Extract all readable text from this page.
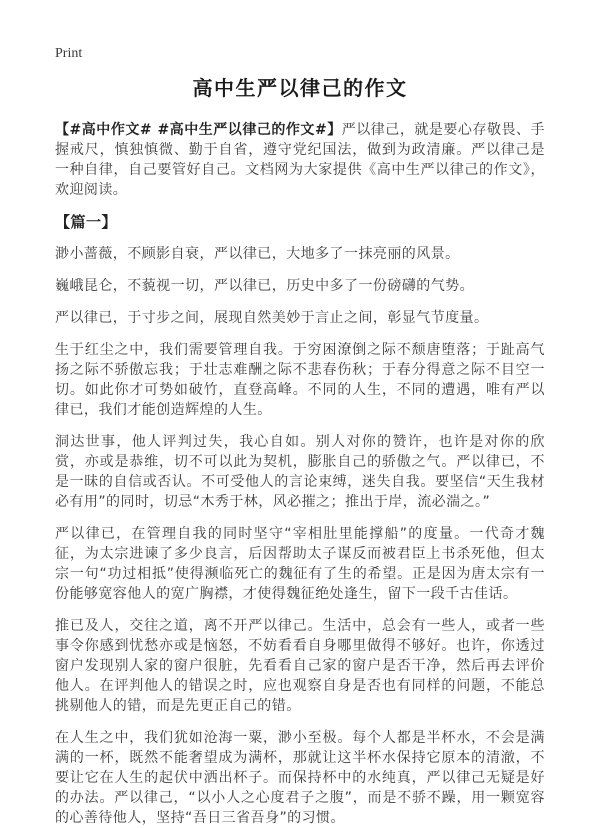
Print
高中生严以律己的作文

【#高中作文# #高中生严以律己的作文#】严以律己，就是要心存敬畏、手握戒尺，慎独慎微、勤于自省，遵守党纪国法，做到为政清廉。严以律己是一种自律，自己要管好自己。文档网为大家提供《高中生严以律己的作文》，欢迎阅读。

【篇一】

渺小蔷薇，不顾影自衰，严以律已，大地多了一抹亮丽的风景。

巍峨昆仑，不藐视一切，严以律已，历史中多了一份磅礴的气势。

严以律已，于寸步之间，展现自然美妙于言止之间，彰显气节度量。

生于红尘之中，我们需要管理自我。于穷困潦倒之际不颓唐堕落；于趾高气扬之际不骄傲忘我；于壮志难酬之际不悲春伤秋；于春分得意之际不目空一切。如此你才可势如破竹，直登高峰。不同的人生，不同的遭遇，唯有严以律已，我们才能创造辉煌的人生。

洞达世事，他人评判过失，我心自如。别人对你的赞许，也许是对你的欣赏，亦或是恭维，切不可以此为契机，膨胀自己的骄傲之气。严以律已，不是一昧的自信或否认。不可受他人的言论束缚，迷失自我。要坚信“天生我材必有用”的同时，切忌“木秀于林，风必摧之；推出于岸，流必湍之。”

严以律已，在管理自我的同时坚守“宰相肚里能撑船”的度量。一代奇才魏征，为太宗进谏了多少良言，后因帮助太子谋反而被君臣上书杀死他，但太宗一句“功过相抵”使得濒临死亡的魏征有了生的希望。正是因为唐太宗有一份能够宽容他人的宽广胸襟，才使得魏征绝处逢生，留下一段千古佳话。

推已及人，交往之道，离不开严以律己。生活中，总会有一些人，或者一些事令你感到忧愁亦或是恼怒，不妨看看自身哪里做得不够好。也许，你透过窗户发现别人家的窗户很脏，先看看自己家的窗户是否干净，然后再去评价他人。在评判他人的错误之时，应也观察自身是否也有同样的问题，不能总挑剔他人的错，而是先更正自己的错。

在人生之中，我们犹如沧海一粟，渺小至极。每个人都是半杯水，不会是满满的一杯，既然不能奢望成为满杯，那就让这半杯水保持它原本的清澈，不要让它在人生的起伏中洒出杯子。而保持杯中的水纯真，严以律己无疑是好的办法。严以律己，“以小人之心度君子之腹”，而是不骄不躁，用一颗宽容的心善待他人，坚持“吾日三省吾身”的习惯。
